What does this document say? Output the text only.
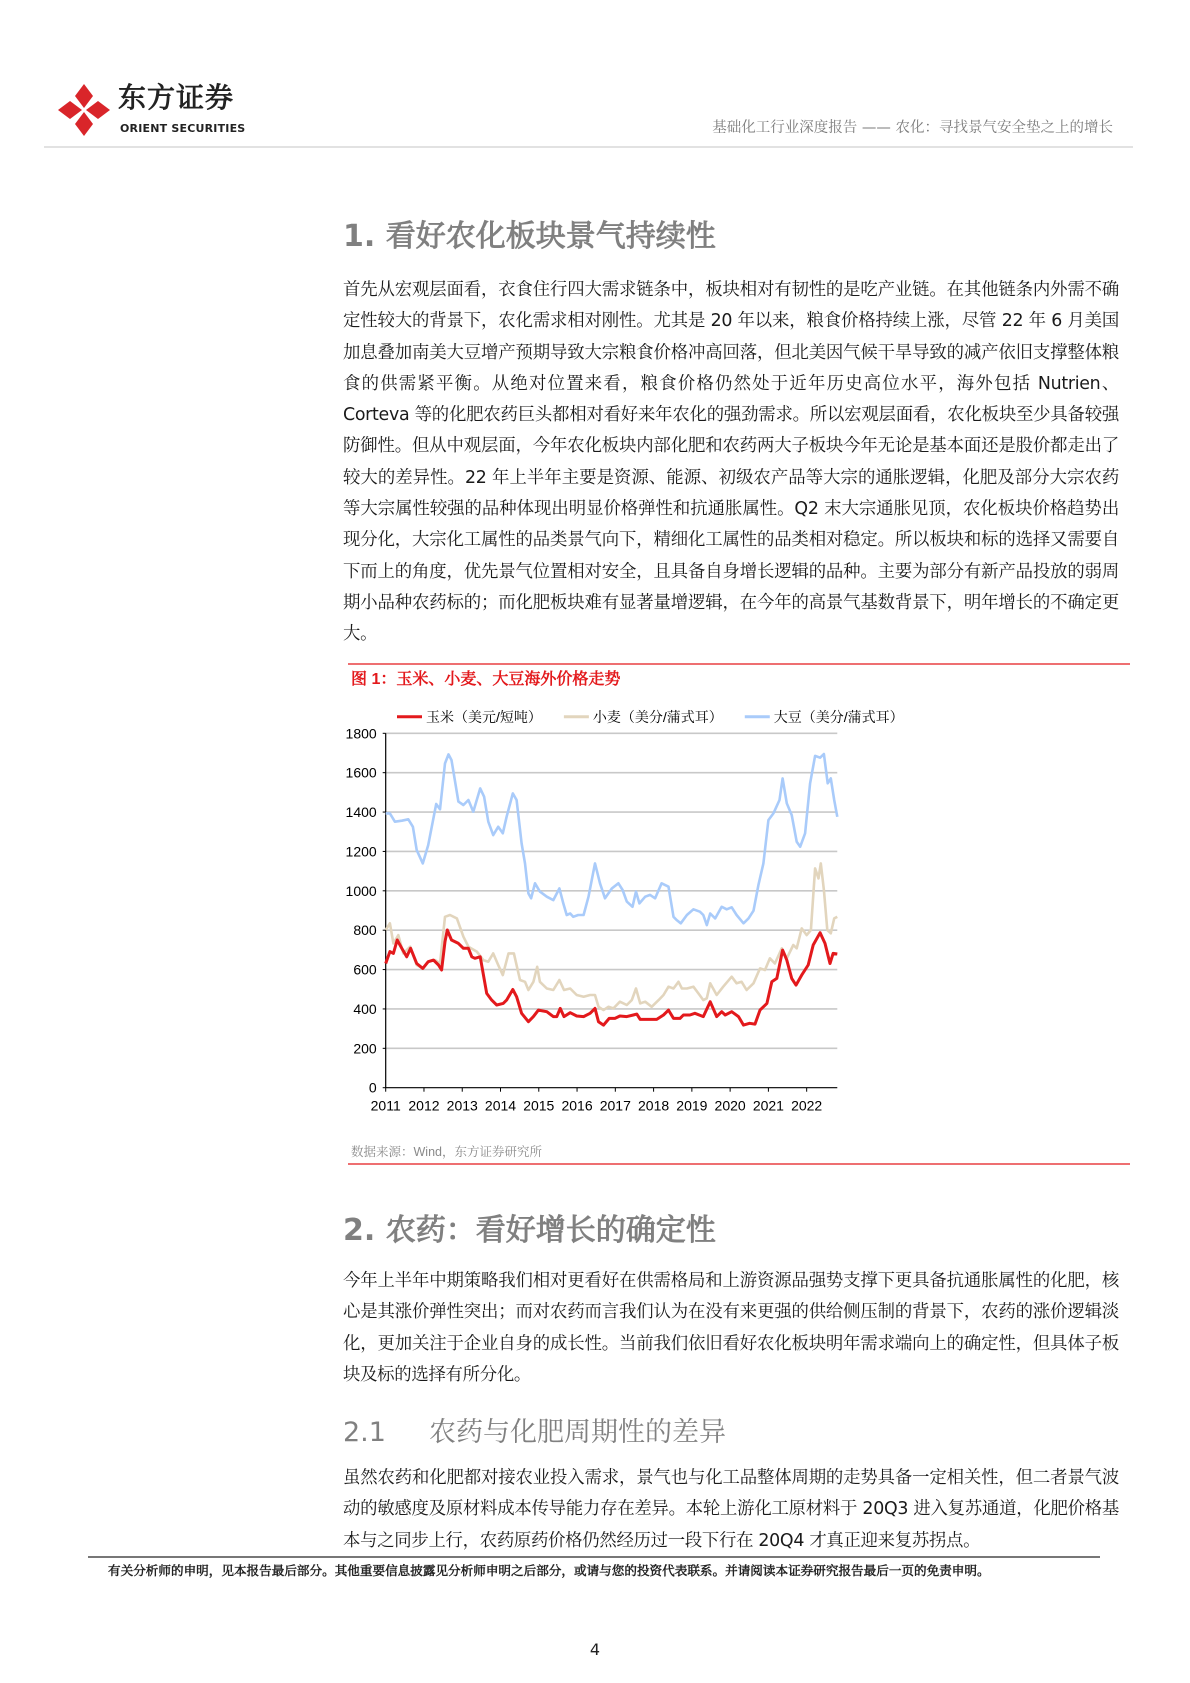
东方证券
ORIENT SECURITIES	基础化工行业深度报告 —— 农化：寻找景气安全垫之上的增长
1. 看好农化板块景气持续性
首先从宏观层面看，衣食住行四大需求链条中，板块相对有韧性的是吃产业链。在其他链条内外需不确定性较大的背景下，农化需求相对刚性。尤其是 20 年以来，粮食价格持续上涨，尽管 22 年 6 月美国加息叠加南美大豆增产预期导致大宗粮食价格冲高回落，但北美因气候干旱导致的减产依旧支撑整体粮食的供需紧平衡。从绝对位置来看，粮食价格仍然处于近年历史高位水平，海外包括 Nutrien、Corteva 等的化肥农药巨头都相对看好来年农化的强劲需求。所以宏观层面看，农化板块至少具备较强防御性。但从中观层面，今年农化板块内部化肥和农药两大子板块今年无论是基本面还是股价都走出了较大的差异性。22 年上半年主要是资源、能源、初级农产品等大宗的通胀逻辑，化肥及部分大宗农药等大宗属性较强的品种体现出明显价格弹性和抗通胀属性。Q2 末大宗通胀见顶，农化板块价格趋势出现分化，大宗化工属性的品类景气向下，精细化工属性的品类相对稳定。所以板块和标的选择又需要自下而上的角度，优先景气位置相对安全，且具备自身增长逻辑的品种。主要为部分有新产品投放的弱周期小品种农药标的；而化肥板块难有显著量增逻辑，在今年的高景气基数背景下，明年增长的不确定更大。
图 1：玉米、小麦、大豆海外价格走势
0
200
400
600
800
1000
1200
1400
1600
1800
2011 2012 2013 2014 2015 2016 2017 2018 2019 2020 2021 2022
玉米（美元/短吨）	小麦（美分/蒲式耳）	大豆（美分/蒲式耳）
数据来源：Wind，东方证券研究所
2. 农药：看好增长的确定性
今年上半年中期策略我们相对更看好在供需格局和上游资源品强势支撑下更具备抗通胀属性的化肥，核心是其涨价弹性突出；而对农药而言我们认为在没有来更强的供给侧压制的背景下，农药的涨价逻辑淡化，更加关注于企业自身的成长性。当前我们依旧看好农化板块明年需求端向上的确定性，但具体子板块及标的选择有所分化。
2.1 农药与化肥周期性的差异
虽然农药和化肥都对接农业投入需求，景气也与化工品整体周期的走势具备一定相关性，但二者景气波动的敏感度及原材料成本传导能力存在差异。本轮上游化工原材料于 20Q3 进入复苏通道，化肥价格基本与之同步上行，农药原药价格仍然经历过一段下行在 20Q4 才真正迎来复苏拐点。
有关分析师的申明，见本报告最后部分。其他重要信息披露见分析师申明之后部分，或请与您的投资代表联系。并请阅读本证券研究报告最后一页的免责申明。
4
